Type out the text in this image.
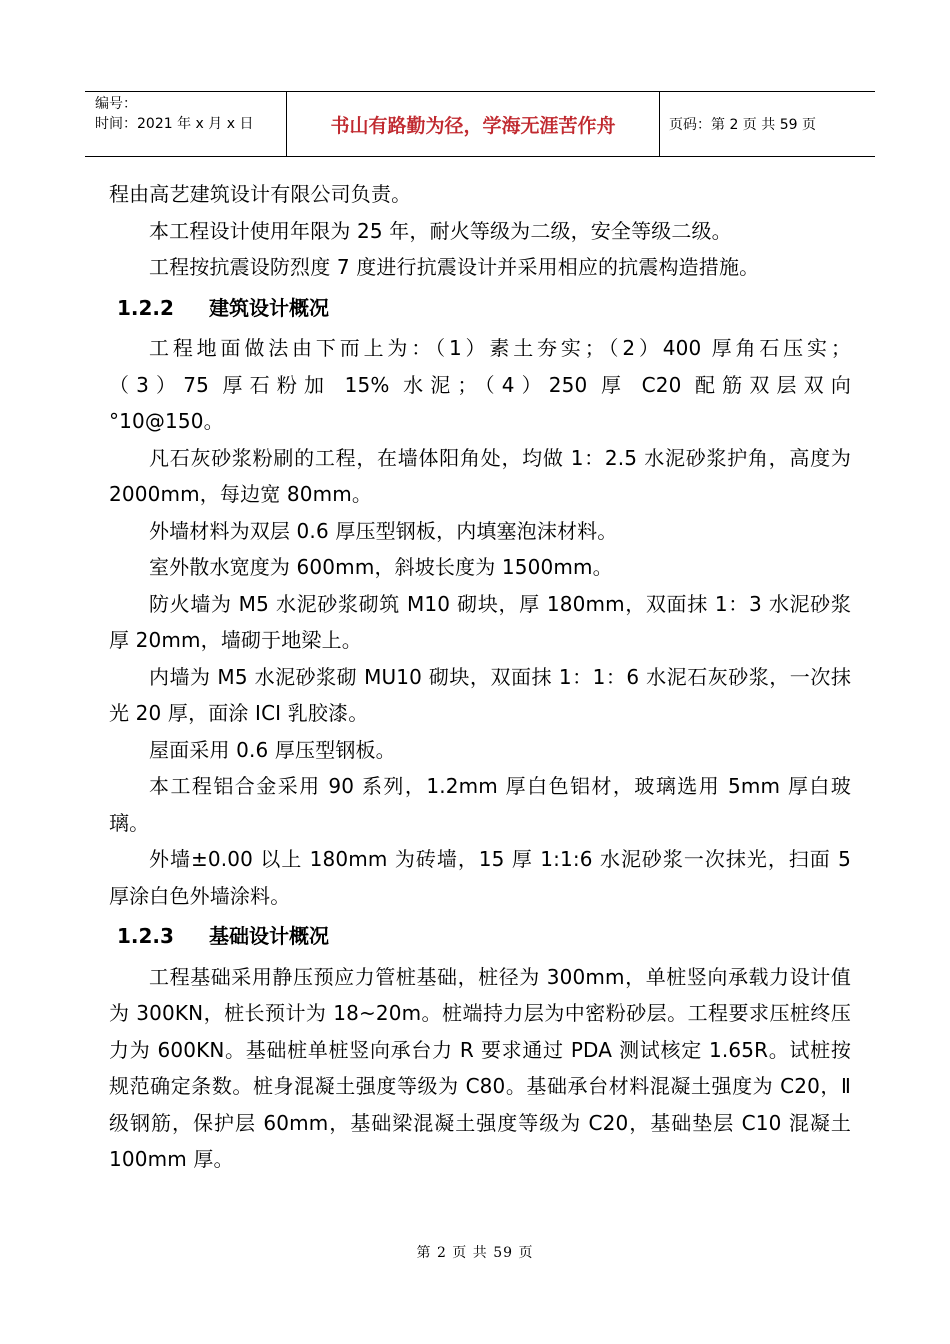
编号：
时间：2021 年 x 月 x 日	书山有路勤为径，学海无涯苦作舟	页码：第 2 页 共 59 页

程由高艺建筑设计有限公司负责。

本工程设计使用年限为 25 年，耐火等级为二级，安全等级二级。

工程按抗震设防烈度 7 度进行抗震设计并采用相应的抗震构造措施。

1.2.2	建筑设计概况

工程地面做法由下而上为：（1）素土夯实；（2）400 厚角石压实；

（3）75 厚石粉加 15% 水泥；（4）250 厚 C20 配筋双层双向

°10@150。

凡石灰砂浆粉刷的工程，在墙体阳角处，均做 1：2.5 水泥砂浆护角，高度为 2000mm，每边宽 80mm。

外墙材料为双层 0.6 厚压型钢板，内填塞泡沫材料。

室外散水宽度为 600mm，斜坡长度为 1500mm。

防火墙为 M5 水泥砂浆砌筑 M10 砌块，厚 180mm，双面抹 1：3 水泥砂浆厚 20mm，墙砌于地梁上。

内墙为 M5 水泥砂浆砌 MU10 砌块，双面抹 1：1：6 水泥石灰砂浆，一次抹光 20 厚，面涂 ICI 乳胶漆。

屋面采用 0.6 厚压型钢板。

本工程铝合金采用 90 系列，1.2mm 厚白色铝材，玻璃选用 5mm 厚白玻璃。

外墙±0.00 以上 180mm 为砖墙，15 厚 1:1:6 水泥砂浆一次抹光，扫面 5 厚涂白色外墙涂料。

1.2.3	基础设计概况

工程基础采用静压预应力管桩基础，桩径为 300mm，单桩竖向承载力设计值为 300KN，桩长预计为 18~20m。桩端持力层为中密粉砂层。工程要求压桩终压力为 600KN。基础桩单桩竖向承台力 R 要求通过 PDA 测试核定 1.65R。试桩按规范确定条数。桩身混凝土强度等级为 C80。基础承台材料混凝土强度为 C20，Ⅱ级钢筋，保护层 60mm，基础梁混凝土强度等级为 C20，基础垫层 C10 混凝土 100mm 厚。

第 2 页 共 59 页
